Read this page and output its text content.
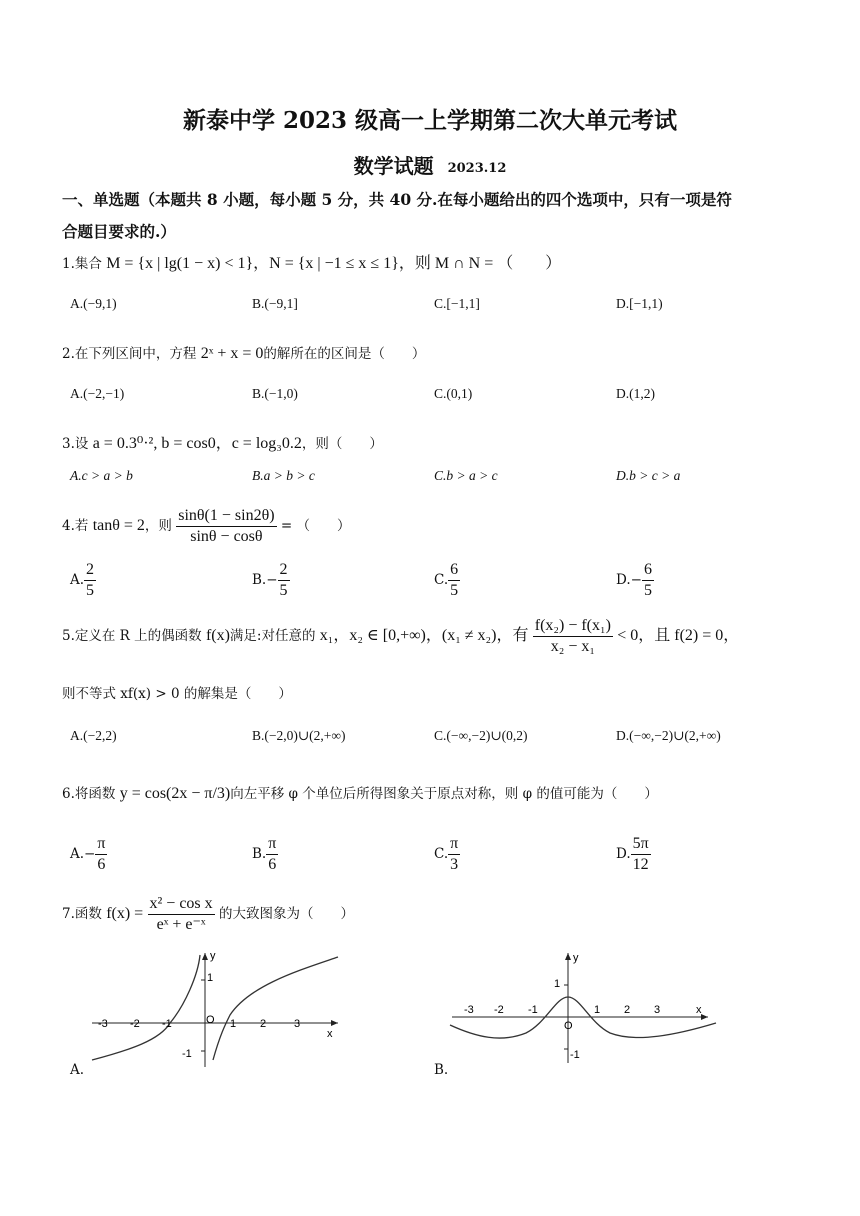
新泰中学 2023 级高一上学期第二次大单元考试
数学试题 2023.12
一、单选题（本题共 8 小题，每小题 5 分，共 40 分.在每小题给出的四个选项中，只有一项是符
合题目要求的.）
1.集合 M = {x | lg(1 − x) < 1}，N = {x | −1 ≤ x ≤ 1}，则 M ∩ N = （　　）
A.(−9,1)	B.(−9,1]	C.[−1,1]	D.[−1,1)
2.在下列区间中，方程 2ˣ + x = 0的解所在的区间是（　　）
A.(−2,−1)	B.(−1,0)	C.(0,1)	D.(1,2)
3.设 a = 0.3⁰·², b = cos0，c = log₃0.2，则（　　）
A.c > a > b	B.a > b > c	C.b > a > c	D.b > c > a
4.若 tanθ = 2，则 $\frac{\sin\theta(1 - \sin 2\theta)}{\sin\theta - \cos\theta}$ = （　　）
A. $\frac{2}{5}$	$B.- \frac{2}{5}$	C. $\frac{6}{5}$	$D.- \frac{6}{5}$
5.定义在 R 上的偶函数 f(x)满足:对任意的 x₁，x₂ ∈ [0,+∞)，(x₁ ≠ x₂)，有 $\frac{\text{f(x₂) − f(x₁)}}{\text{x₂ − x₁}} < 0$，且 f(2) = 0，
则不等式 xf(x) > 0 的解集是（　　）
A.(−2,2)	B.(−2,0)∪(2,+∞)	C.(−∞,−2)∪(0,2)	D.(−∞,−2)∪(2,+∞)
6.将函数 y = cos(2x − π/3)向左平移 φ 个单位后所得图象关于原点对称，则 φ 的值可能为（　　）
$A.- \frac{\pi}{6}$	B. $\frac{\pi}{6}$	C. $\frac{\pi}{3}$	D. $\frac{5\pi}{12}$
7.函数 $f(x) = \frac{\text{x² − cos x}}{\text{eˣ + e⁻ˣ}}$ 的大致图象为（　　）
y
x
O
1
-1
-3 -2 -1	1 2	3
A.
y
x
O
1
-1
-3 -2 -1	1 2 3
B.
